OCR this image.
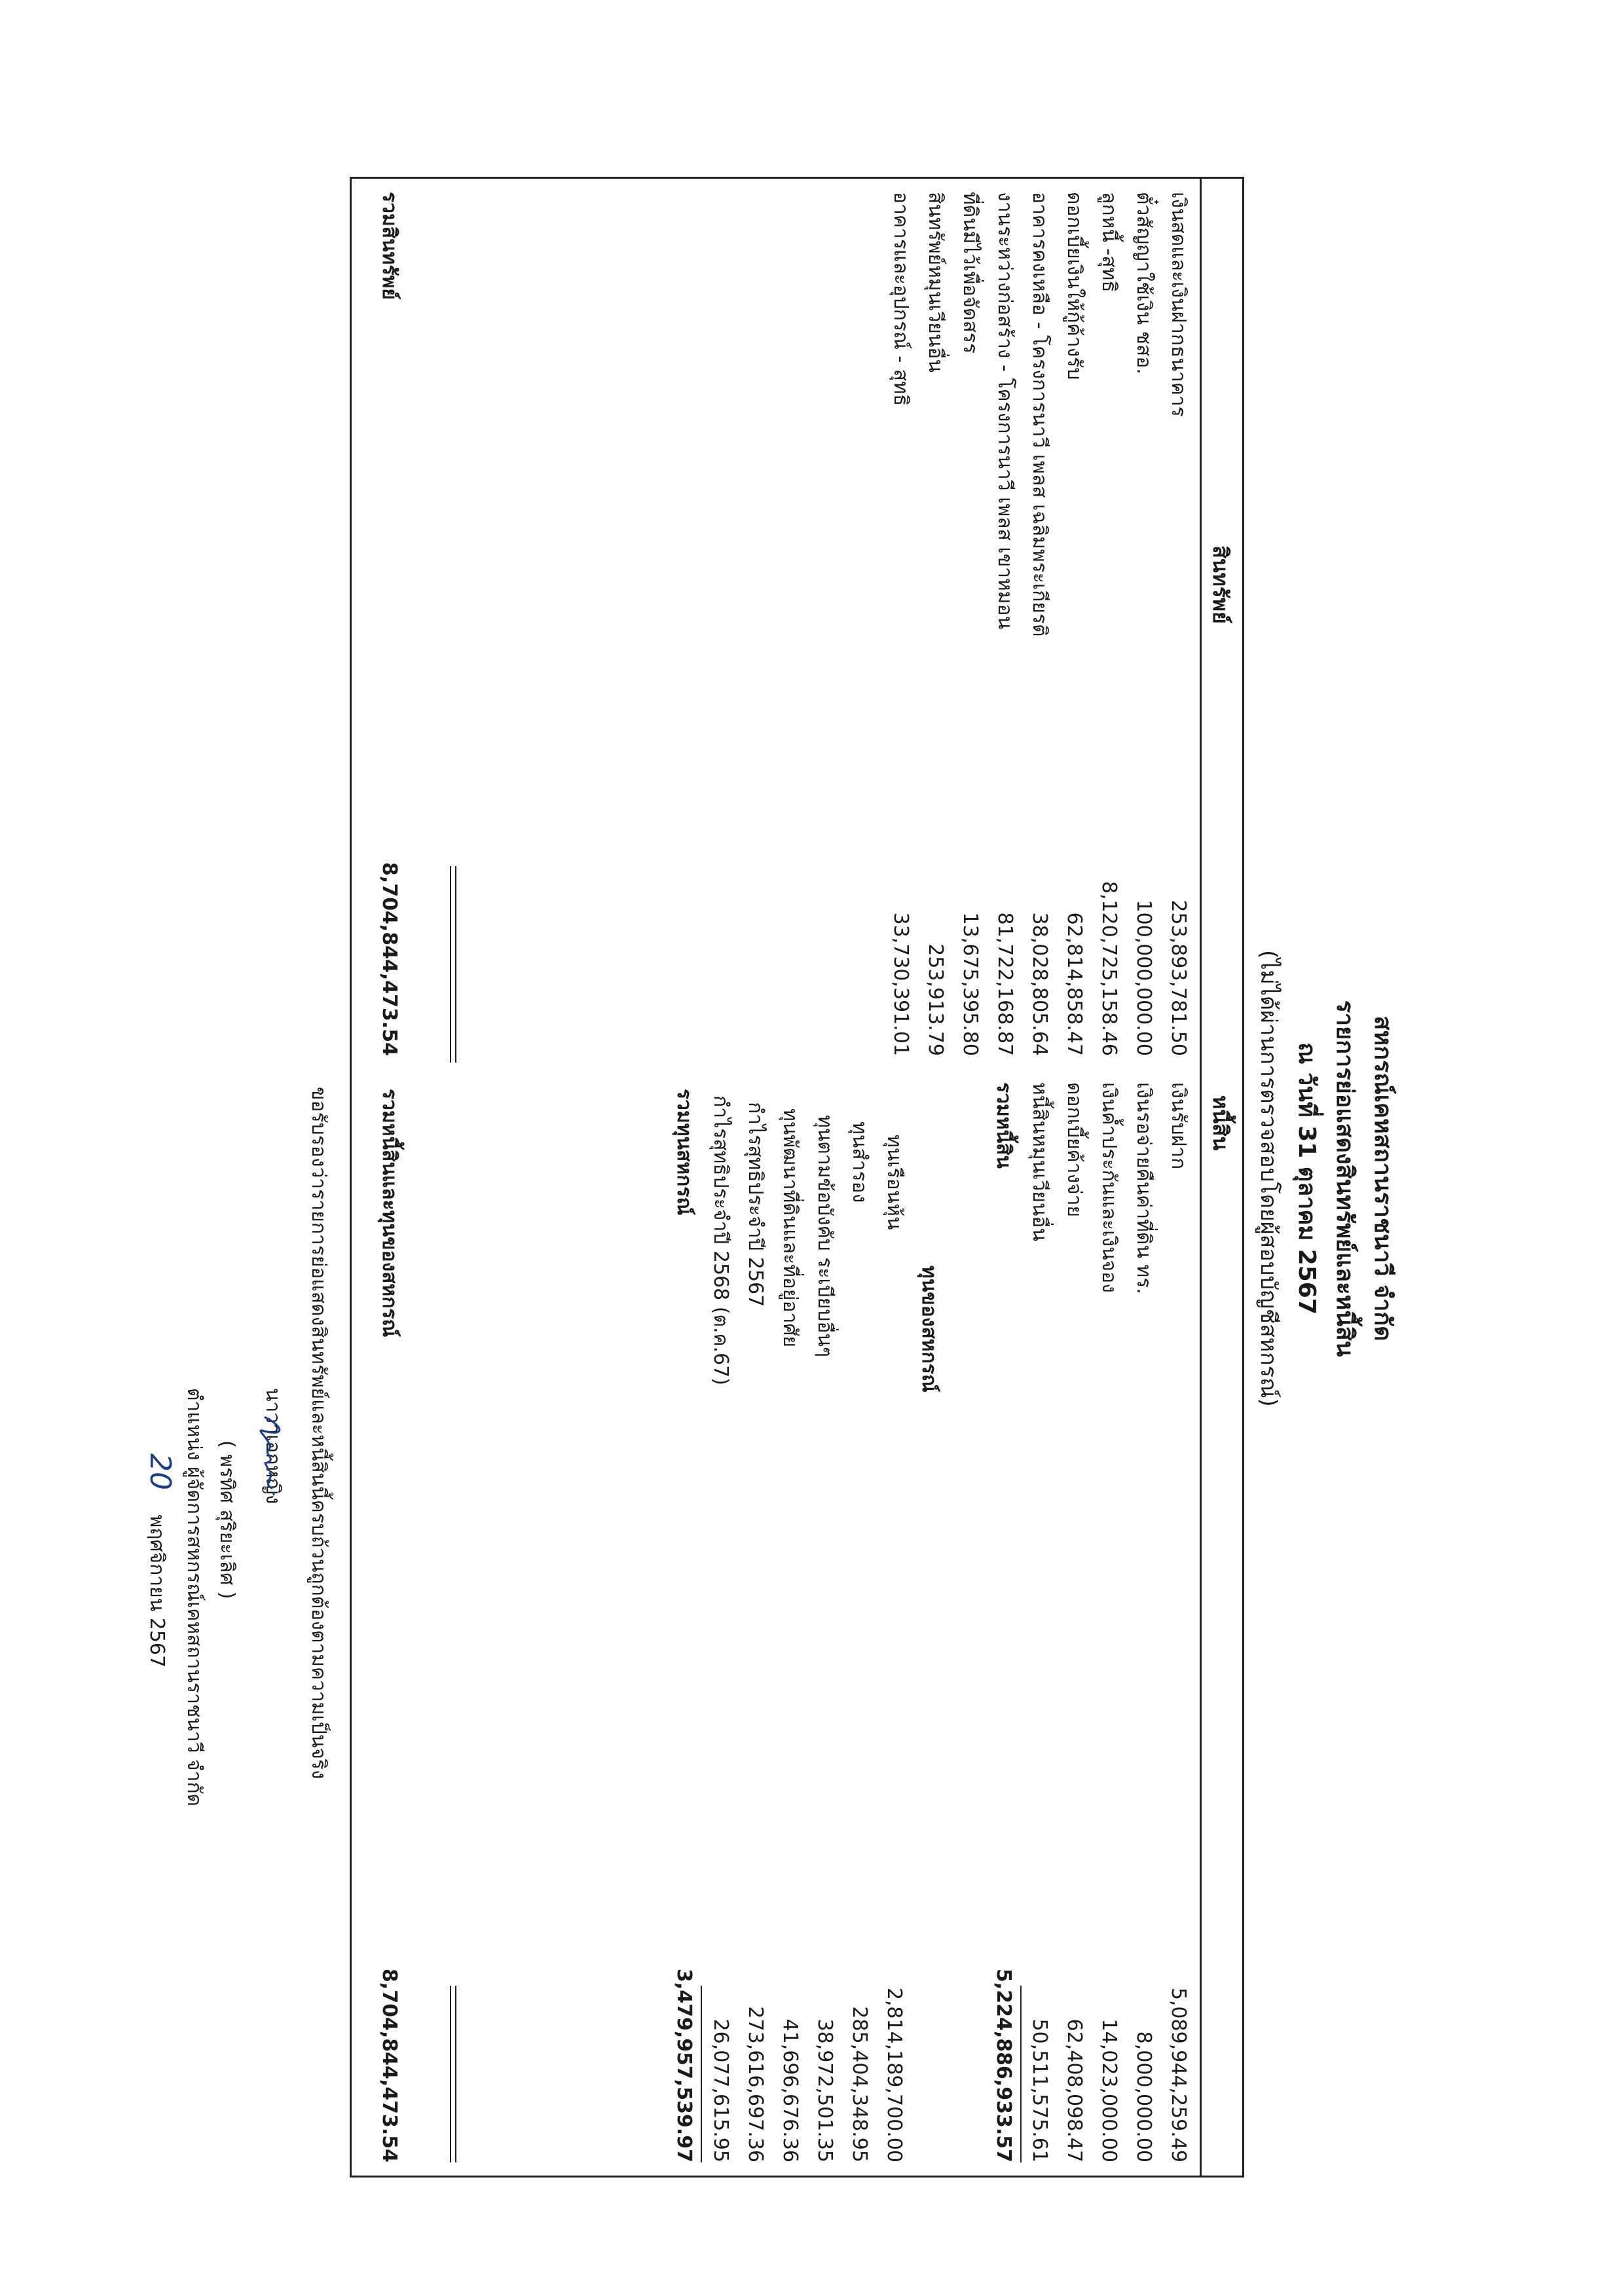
สหกรณ์เคหสถานราชนาวี จำกัด
รายการย่อแสดงสินทรัพย์และหนี้สิน
ณ วันที่ 31 ตุลาคม 2567
(ไม่ได้ผ่านการตรวจสอบโดยผู้สอบบัญชีสหกรณ์)
หนี้สิน
สินทรัพย์
เงินสดและเงินฝากธนาคาร
253,893,781.50
ตั๋วสัญญาใช้เงิน ชสอ.
100,000,000.00
ลูกหนี้ -สุทธิ
8,120,725,158.46
ดอกเบี้ยเงินให้กู้ค้างรับ
62,814,858.47
อาคารคงเหลือ - โครงการนาวี เพลส เฉลิมพระเกียรติ
38,028,805.64
งานระหว่างก่อสร้าง - โครงการนาวี เพลส เขาหมอน
81,722,168.87
ที่ดินมีไว้เพื่อจัดสรร
13,675,395.80
สินทรัพย์หมุนเวียนอื่น
253,913.79
อาคารและอุปกรณ์ - สุทธิ
33,730,391.01
รวมสินทรัพย์
8,704,844,473.54
เงินรับฝาก
5,089,944,259.49
เงินรอจ่ายคืนค่าที่ดิน ทร.
8,000,000.00
เงินค้ำประกันและเงินจอง
14,023,000.00
ดอกเบี้ยค้างจ่าย
62,408,098.47
หนี้สินหมุนเวียนอื่น
50,511,575.61
รวมหนี้สิน
5,224,886,933.57
ทุนของสหกรณ์
ทุนเรือนหุ้น
2,814,189,700.00
ทุนสำรอง
285,404,348.95
ทุนตามข้อบังคับ ระเบียบอื่นๆ
38,972,501.35
ทุนพัฒนาที่ดินและที่อยู่อาศัย
41,696,676.36
กำไรสุทธิประจำปี 2567
273,616,697.36
กำไรสุทธิประจำปี 2568 (ต.ค.67)
26,077,615.95
รวมทุนสหกรณ์
3,479,957,539.97
รวมหนี้สินและทุนของสหกรณ์
8,704,844,473.54
ขอรับรองว่ารายการย่อแสดงสินทรัพย์และหนี้สินนี้ครบถ้วนถูกต้องตามความเป็นจริง
นาวาเอกหญิง
( พรทิศ สุริยะเลิศ )
ตำแหน่ง ผู้จัดการสหกรณ์เคหสถานราชนาวี จำกัด
20 พฤศจิกายน 2567
